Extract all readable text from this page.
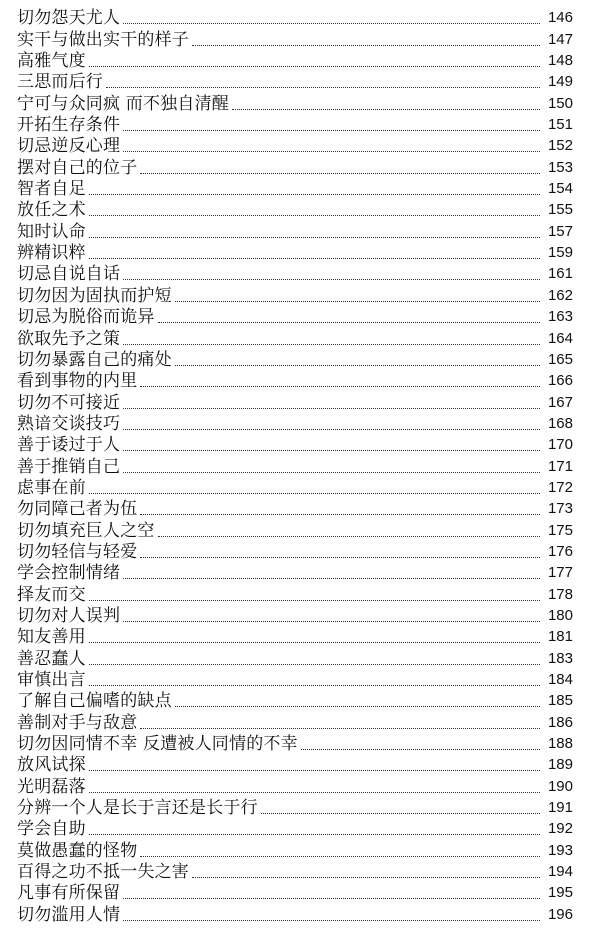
切勿怨天尤人	146
实干与做出实干的样子	147
高雅气度	148
三思而后行	149
宁可与众同疯 而不独自清醒	150
开拓生存条件	151
切忌逆反心理	152
摆对自己的位子	153
智者自足	154
放任之术	155
知时认命	157
辨精识粹	159
切忌自说自话	161
切勿因为固执而护短	162
切忌为脱俗而诡异	163
欲取先予之策	164
切勿暴露自己的痛处	165
看到事物的内里	166
切勿不可接近	167
熟谙交谈技巧	168
善于诿过于人	170
善于推销自己	171
虑事在前	172
勿同障己者为伍	173
切勿填充巨人之空	175
切勿轻信与轻爱	176
学会控制情绪	177
择友而交	178
切勿对人误判	180
知友善用	181
善忍蠢人	183
审慎出言	184
了解自己偏嗜的缺点	185
善制对手与敌意	186
切勿因同情不幸 反遭被人同情的不幸	188
放风试探	189
光明磊落	190
分辨一个人是长于言还是长于行	191
学会自助	192
莫做愚蠢的怪物	193
百得之功不抵一失之害	194
凡事有所保留	195
切勿滥用人情	196
